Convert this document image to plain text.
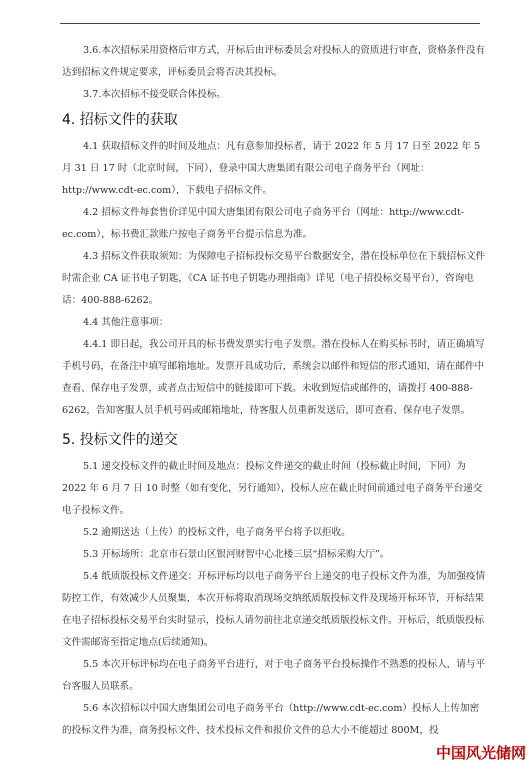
3.6.本次招标采用资格后审方式，开标后由评标委员会对投标人的资质进行审查，资格条件没有达到招标文件规定要求，评标委员会将否决其投标。

3.7.本次招标不接受联合体投标。

4. 招标文件的获取

4.1 获取招标文件的时间及地点：凡有意参加投标者，请于 2022 年 5 月 17 日至 2022 年 5 月 31 日 17 时（北京时间，下同），登录中国大唐集团有限公司电子商务平台（网址：http://www.cdt-ec.com），下载电子招标文件。

4.2 招标文件每套售价详见中国大唐集团有限公司电子商务平台（网址：http://www.cdt-ec.com），标书费汇款账户按电子商务平台提示信息为准。

4.3 招标文件获取须知：为保障电子招标投标交易平台数据安全，潜在投标单位在下载招标文件时需企业 CA 证书电子钥匙，《CA 证书电子钥匙办理指南》详见（电子招投标交易平台），咨询电话：400-888-6262。

4.4 其他注意事项：

4.4.1 即日起，我公司开具的标书费发票实行电子发票。潜在投标人在购买标书时，请正确填写手机号码，在备注中填写邮箱地址。发票开具成功后，系统会以邮件和短信的形式通知，请在邮件中查看、保存电子发票，或者点击短信中的链接即可下载。未收到短信或邮件的，请拨打 400-888-6262，告知客服人员手机号码或邮箱地址，待客服人员重新发送后，即可查看、保存电子发票。

5. 投标文件的递交

5.1 递交投标文件的截止时间及地点：投标文件递交的截止时间（投标截止时间，下同）为 2022 年 6 月 7 日 10 时整（如有变化，另行通知），投标人应在截止时间前通过电子商务平台递交电子投标文件。

5.2 逾期送达（上传）的投标文件，电子商务平台将予以拒收。

5.3 开标场所：北京市石景山区银河财智中心北楼三层“招标采购大厅”。

5.4 纸质版投标文件递交：开标评标均以电子商务平台上递交的电子投标文件为准，为加强疫情防控工作，有效减少人员聚集，本次开标将取消现场交纳纸质版投标文件及现场开标环节，开标结果在电子招标投标交易平台实时显示，投标人请勿前往北京递交纸质版投标文件。开标后，纸质版投标文件需邮寄至指定地点(后续通知)。

5.5 本次开标评标均在电子商务平台进行，对于电子商务平台投标操作不熟悉的投标人，请与平台客服人员联系。

5.6 本次招标以中国大唐集团公司电子商务平台（http://www.cdt-ec.com）投标人上传加密的投标文件为准，商务投标文件、技术投标文件和报价文件的总大小不能超过 800M，投

中国风光储网
